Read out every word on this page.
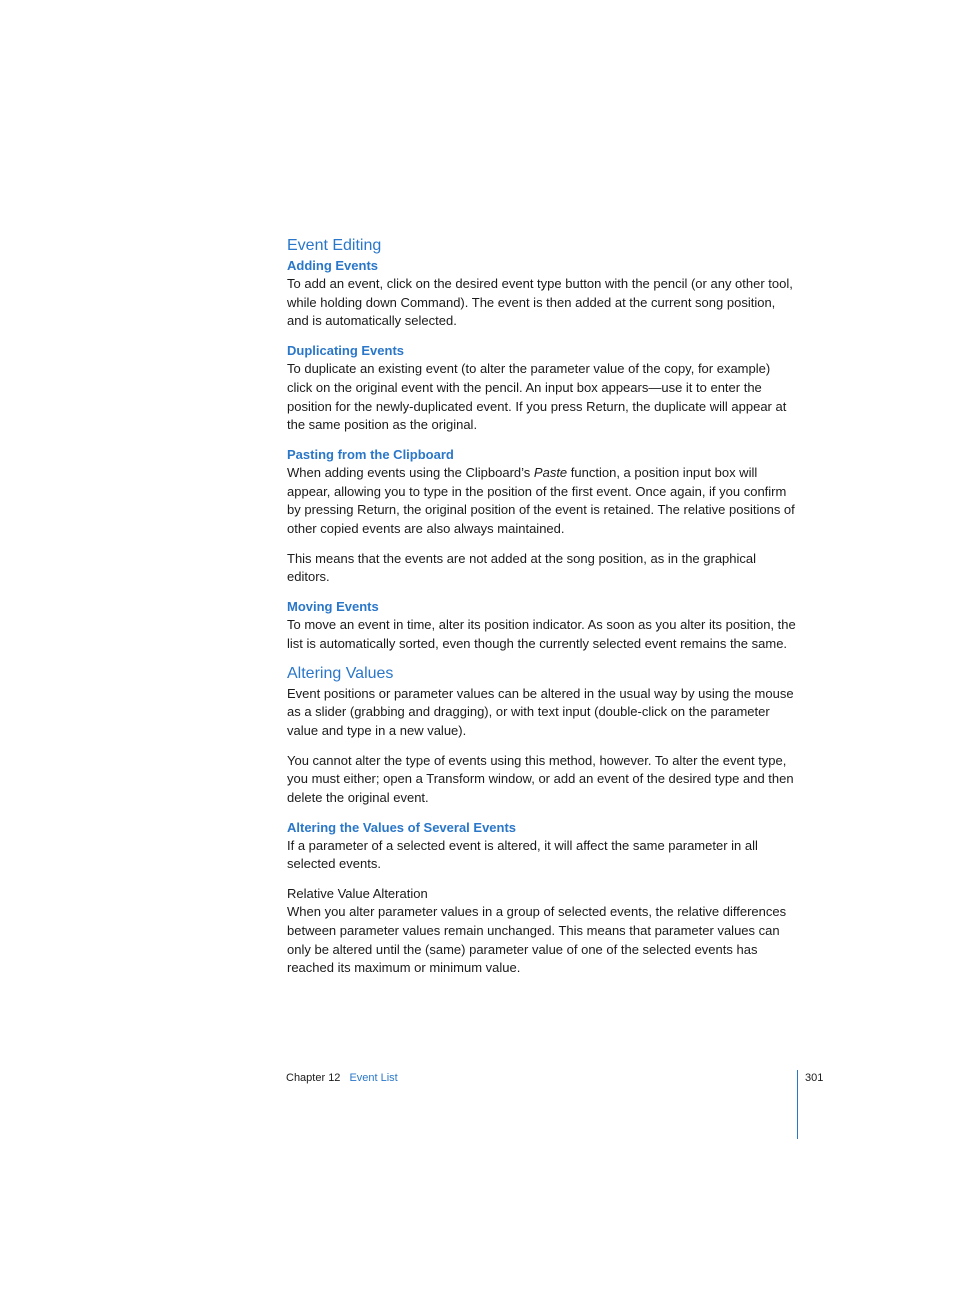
Event Editing
Adding Events

To add an event, click on the desired event type button with the pencil (or any other tool, while holding down Command). The event is then added at the current song position, and is automatically selected.

Duplicating Events

To duplicate an existing event (to alter the parameter value of the copy, for example) click on the original event with the pencil. An input box appears—use it to enter the position for the newly-duplicated event. If you press Return, the duplicate will appear at the same position as the original.

Pasting from the Clipboard

When adding events using the Clipboard’s Paste function, a position input box will appear, allowing you to type in the position of the first event. Once again, if you confirm by pressing Return, the original position of the event is retained. The relative positions of other copied events are also always maintained.

This means that the events are not added at the song position, as in the graphical editors.

Moving Events

To move an event in time, alter its position indicator. As soon as you alter its position, the list is automatically sorted, even though the currently selected event remains the same.

Altering Values

Event positions or parameter values can be altered in the usual way by using the mouse as a slider (grabbing and dragging), or with text input (double-click on the parameter value and type in a new value).

You cannot alter the type of events using this method, however. To alter the event type, you must either; open a Transform window, or add an event of the desired type and then delete the original event.

Altering the Values of Several Events

If a parameter of a selected event is altered, it will affect the same parameter in all selected events.

Relative Value Alteration

When you alter parameter values in a group of selected events, the relative differences between parameter values remain unchanged. This means that parameter values can only be altered until the (same) parameter value of one of the selected events has reached its maximum or minimum value.

Chapter 12 Event List	301
